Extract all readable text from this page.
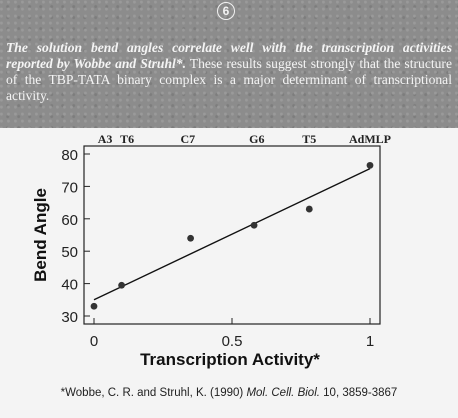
6
The solution bend angles correlate well with the transcription activities reported by Wobbe and Struhl*. These results suggest strongly that the structure of the TBP-TATA binary complex is a major determinant of transcriptional activity.
30
40
50
60
70
80
0	0.5	1
Transcription Activity*
Bend Angle
A3 T6	C7	G6	T5	AdMLP
*Wobbe, C. R. and Struhl, K. (1990) Mol. Cell. Biol. 10, 3859-3867
